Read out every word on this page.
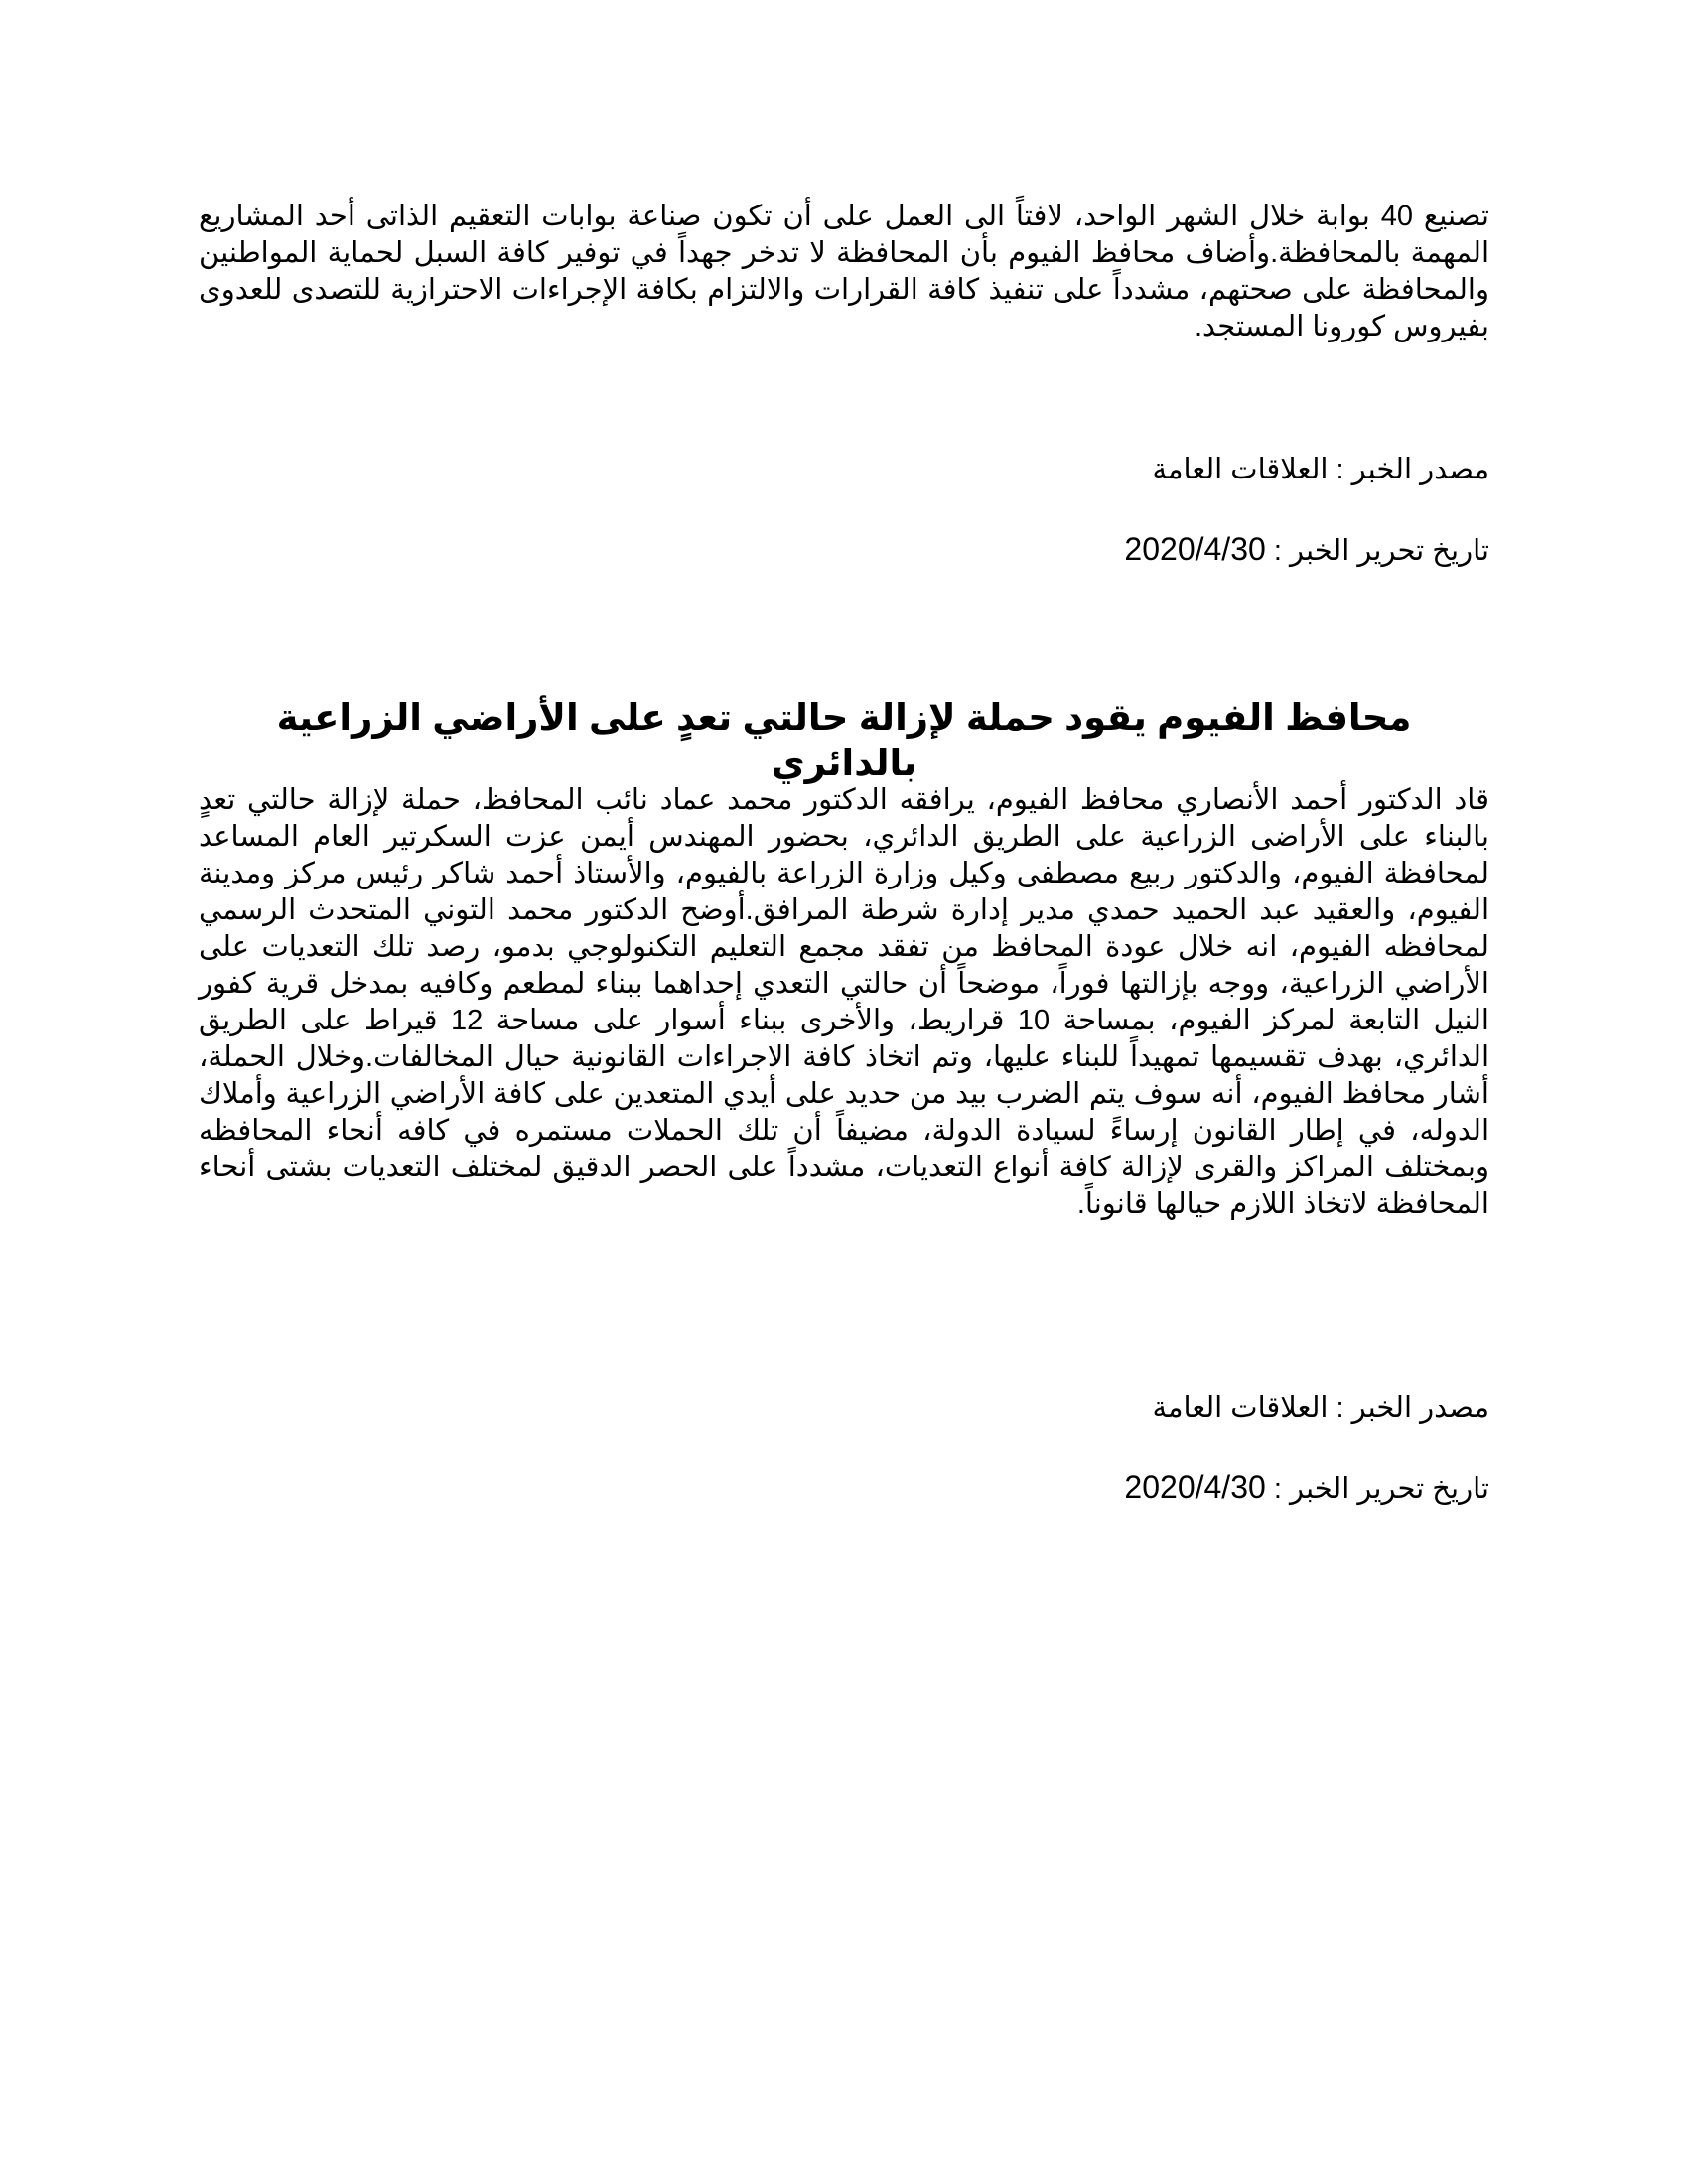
تصنيع 40 بوابة خلال الشهر الواحد، لافتاً الى العمل على أن تكون صناعة بوابات التعقيم الذاتى أحد المشاريع المهمة بالمحافظة.وأضاف محافظ الفيوم بأن المحافظة لا تدخر جهداً في توفير كافة السبل لحماية المواطنين والمحافظة على صحتهم، مشدداً على تنفيذ كافة القرارات والالتزام بكافة الإجراءات الاحترازية للتصدى للعدوى بفيروس كورونا المستجد.

مصدر الخبر : العلاقات العامة

تاريخ تحرير الخبر : 2020/4/30

محافظ الفيوم يقود حملة لإزالة حالتي تعدٍ على الأراضي الزراعية بالدائري

قاد الدكتور أحمد الأنصاري محافظ الفيوم، يرافقه الدكتور محمد عماد نائب المحافظ، حملة لإزالة حالتي تعدٍ بالبناء على الأراضى الزراعية على الطريق الدائري، بحضور المهندس أيمن عزت السكرتير العام المساعد لمحافظة الفيوم، والدكتور ربيع مصطفى وكيل وزارة الزراعة بالفيوم، والأستاذ أحمد شاكر رئيس مركز ومدينة الفيوم، والعقيد عبد الحميد حمدي مدير إدارة شرطة المرافق.أوضح الدكتور محمد التوني المتحدث الرسمي لمحافظه الفيوم، انه خلال عودة المحافظ من تفقد مجمع التعليم التكنولوجي بدمو، رصد تلك التعديات على الأراضي الزراعية، ووجه بإزالتها فوراً، موضحاً أن حالتي التعدي إحداهما ببناء لمطعم وكافيه بمدخل قرية كفور النيل التابعة لمركز الفيوم، بمساحة 10 قراريط، والأخرى ببناء أسوار على مساحة 12 قيراط على الطريق الدائري، بهدف تقسيمها تمهيداً للبناء عليها، وتم اتخاذ كافة الاجراءات القانونية حيال المخالفات.وخلال الحملة، أشار محافظ الفيوم، أنه سوف يتم الضرب بيد من حديد على أيدي المتعدين على كافة الأراضي الزراعية وأملاك الدوله، في إطار القانون إرساءً لسيادة الدولة، مضيفاً أن تلك الحملات مستمره في كافه أنحاء المحافظه وبمختلف المراكز والقرى لإزالة كافة أنواع التعديات، مشدداً على الحصر الدقيق لمختلف التعديات بشتى أنحاء المحافظة لاتخاذ اللازم حيالها قانوناً.

مصدر الخبر : العلاقات العامة

تاريخ تحرير الخبر : 2020/4/30
